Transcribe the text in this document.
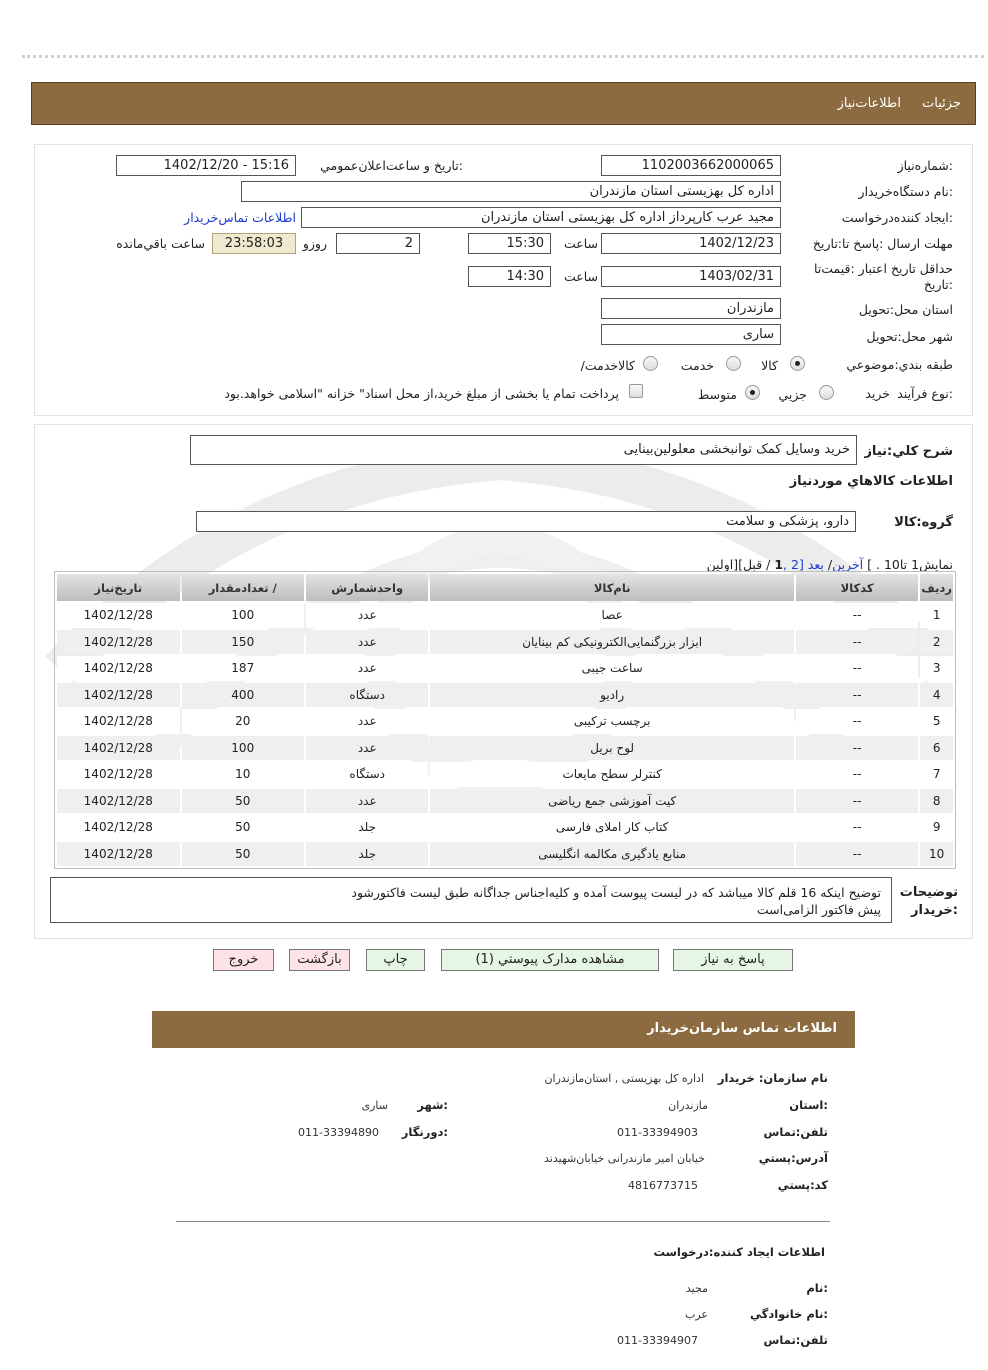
جزئيات
اطلاعات‌نياز
شماره‌نياز:
1102003662000065
تاريخ و ساعت‌اعلان‌عمومي:
1402/12/20 - 15:16
نام دستگاه‌خريدار:
اداره کل بهزیستی استان مازندران
ايجاد کننده‌درخواست:
مجید عرب کارپرداز اداره کل بهزیستی استان مازندران
اطلاعات تماس‌خريدار
مهلت ارسال :پاسخ تا:تاريخ
1402/12/23
ساعت
15:30
2
روزو
23:58:03
ساعت باقي‌مانده
حداقل تاريخ اعتبار :قيمت‌تا تاريخ:
1403/02/31
ساعت
14:30
استان محل:تحويل
مازندران
شهر محل:تحويل
ساری
طبقه بندي:موضوعي
کالا
خدمت
/کالاخدمت
نوع فرآيند:
خريد
جزيي
متوسط
پرداخت تمام يا بخشی از مبلغ خريد،از محل اسناد" خزانه "اسلامی خواهد.بود
شرح کلي:نياز
خرید وسایل کمک توانبخشی معلولین‌بینایی
اطلاعات کالاهاي موردنياز
گروه:کالا
دارو، پزشکی و سلامت
نمايش1 تا10 . ] آخرين/ بعد [2 ,1 / قبل][اولين
رديف	کدکالا	نام‌کالا	واحدشمارش	/ تعدادمقدار	تاريخ‌نياز
1	--	عصا	عدد	100	1402/12/28
2	--	ابزار بزرگنمایی‌الکترونیکی کم بینایان	عدد	150	1402/12/28
3	--	ساعت جیبی	عدد	187	1402/12/28
4	--	رادیو	دستگاه	400	1402/12/28
5	--	برچسب ترکیبی	عدد	20	1402/12/28
6	--	لوح بریل	عدد	100	1402/12/28
7	--	کنترلر سطح مایعات	دستگاه	10	1402/12/28
8	--	کیت آموزشی جمع ریاضی	عدد	50	1402/12/28
9	--	کتاب کار املای فارسی	جلد	50	1402/12/28
10	--	منابع یادگیری مکالمه انگلیسی	جلد	50	1402/12/28
توضيحات :خريدار
توضیح اینکه 16 قلم کالا میباشد که در لیست پیوست آمده و کلیه‌اجناس جداگانه طبق لیست فاکتورشود
پیش فاکتور الزامی‌است
پاسخ به نياز
مشاهده مدارک پيوستي (1)
چاپ
بازگشت
خروج
اطلاعات تماس سازمان‌خريدار
نام سازمان: خريدار
اداره کل بهزیستی , استان‌مازندران
استان:
مازندران
شهر:
ساری
تلفن:تماس
011-33394903
دورنگار:
011-33394890
آدرس:پستي
خیابان امیر مازندرانی خیابان‌شهیدند
کد:پستي
4816773715
اطلاعات ايجاد کننده:درخواست
نام:
مجید
نام خانوادگي:
عرب
تلفن:تماس
011-33394907
